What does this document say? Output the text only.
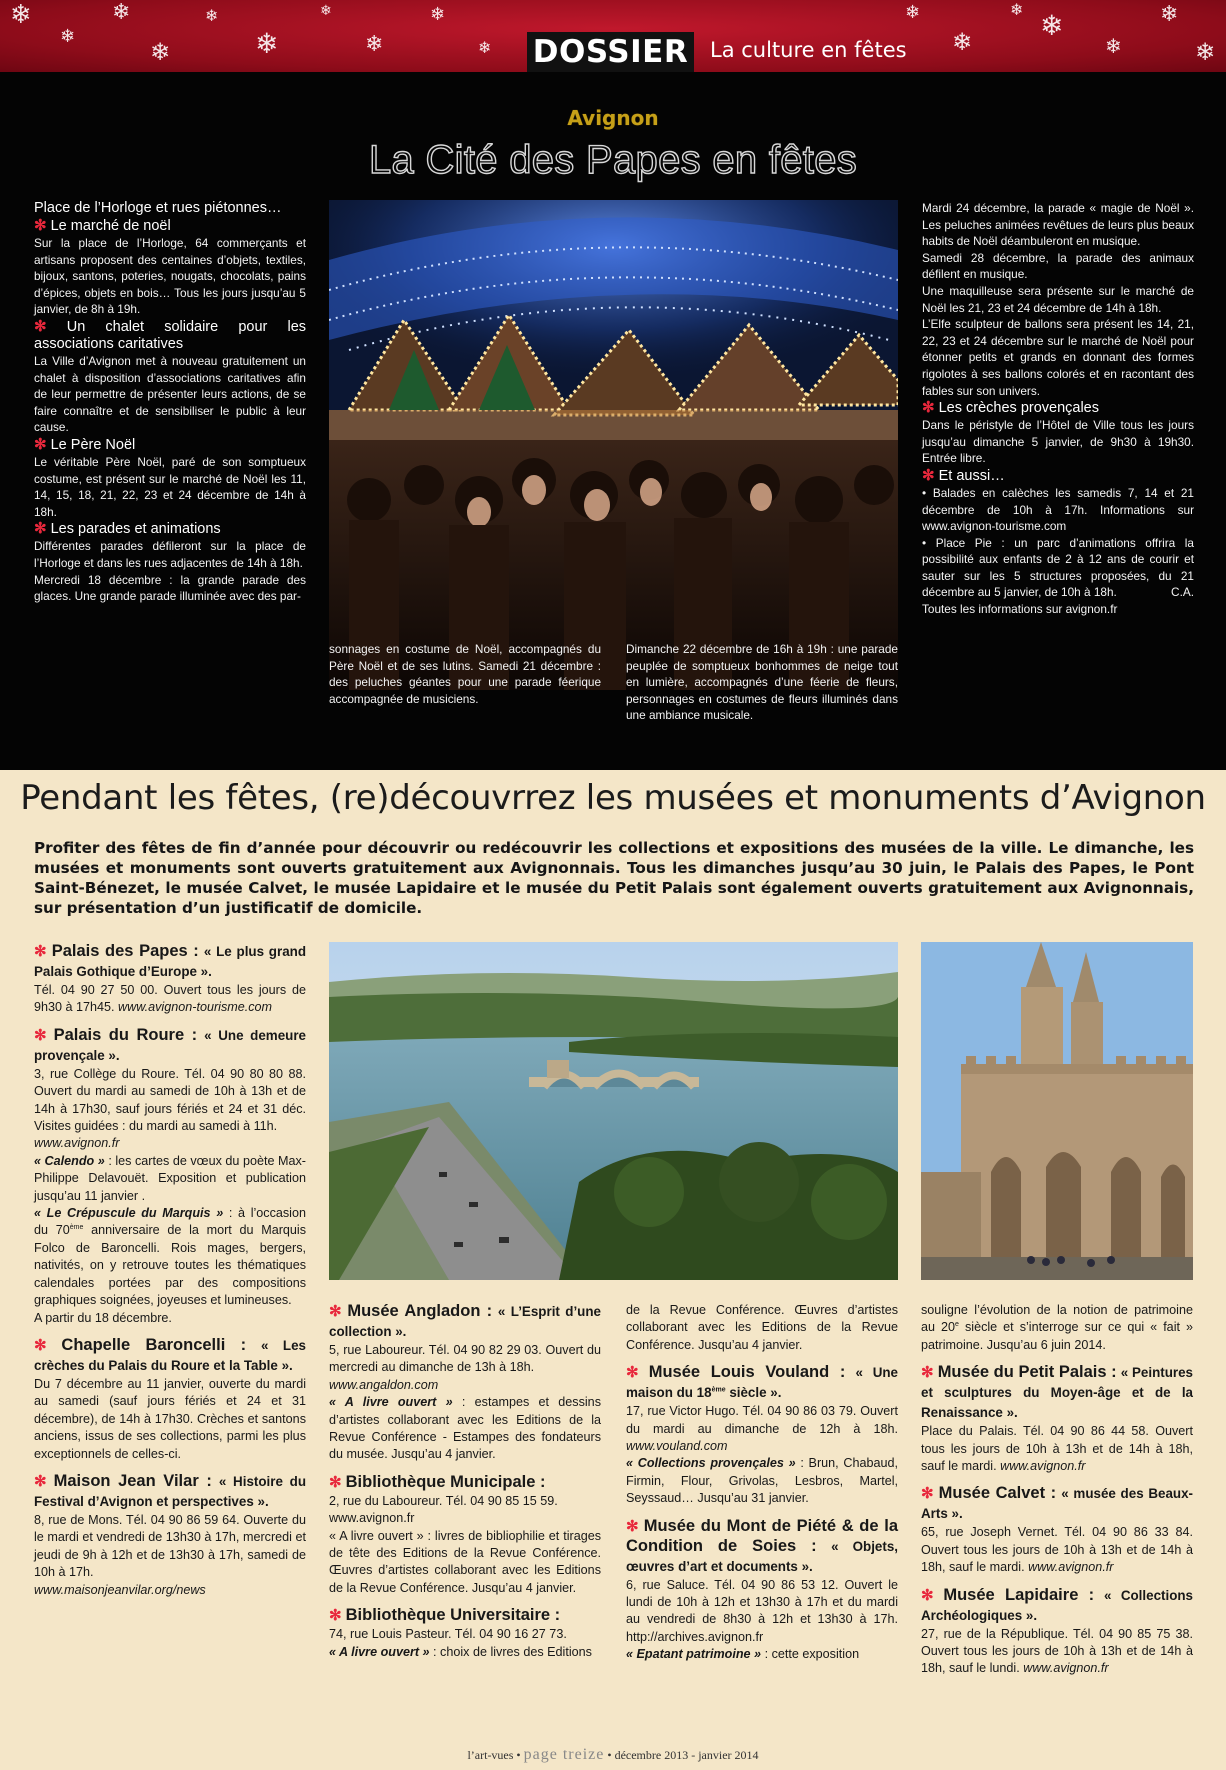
❄
❄
❄
❄
❄
❄
❄
❄
❄
❄
❄
❄
❄ ❄
❄
❄
❄
DOSSIER La culture en fêtes
Avignon
La Cité des Papes en fêtes

Place de l’Horloge et rues piétonnes…

✻ Le marché de noël

Sur la place de l’Horloge, 64 commerçants et artisans proposent des centaines d’objets, textiles, bijoux, santons, poteries, nougats, chocolats, pains d’épices, objets en bois… Tous les jours jusqu’au 5 janvier, de 8h à 19h.

✻ Un chalet solidaire pour les associations caritatives

La Ville d’Avignon met à nouveau gratuitement un chalet à disposition d’associations caritatives afin de leur permettre de présenter leurs actions, de se faire connaître et de sensibiliser le public à leur cause.

✻ Le Père Noël

Le véritable Père Noël, paré de son somptueux costume, est présent sur le marché de Noël les 11, 14, 15, 18, 21, 22, 23 et 24 décembre de 14h à 18h.

✻ Les parades et animations

Différentes parades défileront sur la place de l’Horloge et dans les rues adjacentes de 14h à 18h.

Mercredi 18 décembre : la grande parade des glaces. Une grande parade illuminée avec des par-

sonnages en costume de Noël, accompagnés du Père Noël et de ses lutins. Samedi 21 décembre : des peluches géantes pour une parade féerique accompagnée de musiciens.

Dimanche 22 décembre de 16h à 19h : une parade peuplée de somptueux bonhommes de neige tout en lumière, accompagnés d’une féerie de fleurs, personnages en costumes de fleurs illuminés dans une ambiance musicale.

Mardi 24 décembre, la parade « magie de Noël ». Les peluches animées revêtues de leurs plus beaux habits de Noël déambuleront en musique.

Samedi 28 décembre, la parade des animaux défilent en musique.

Une maquilleuse sera présente sur le marché de Noël les 21, 23 et 24 décembre de 14h à 18h.

L’Elfe sculpteur de ballons sera présent les 14, 21, 22, 23 et 24 décembre sur le marché de Noël pour étonner petits et grands en donnant des formes rigolotes à ses ballons colorés et en racontant des fables sur son univers.

✻ Les crèches provençales

Dans le péristyle de l’Hôtel de Ville tous les jours jusqu’au dimanche 5 janvier, de 9h30 à 19h30. Entrée libre.

✻ Et aussi…

• Balades en calèches les samedis 7, 14 et 21 décembre de 10h à 17h. Informations sur www.avignon-tourisme.com

• Place Pie : un parc d’animations offrira la possibilité aux enfants de 2 à 12 ans de courir et sauter sur les 5 structures proposées, du 21 décembre au 5 janvier, de 10h à 18h.	C.A.

Toutes les informations sur avignon.fr

Pendant les fêtes, (re)découvrrez les musées et monuments d’Avignon
Profiter des fêtes de fin d’année pour découvrir ou redécouvrir les collections et expositions des musées de la ville. Le dimanche, les musées et monuments sont ouverts gratuitement aux Avignonnais. Tous les dimanches jusqu’au 30 juin, le Palais des Papes, le Pont Saint-Bénezet, le musée Calvet, le musée Lapidaire et le musée du Petit Palais sont également ouverts gratuitement aux Avignonnais, sur présentation d’un justificatif de domicile.

✻ Palais des Papes : « Le plus grand Palais Gothique d’Europe ».

Tél. 04 90 27 50 00. Ouvert tous les jours de 9h30 à 17h45. www.avignon-tourisme.com

✻ Palais du Roure : « Une demeure provençale ».

3, rue Collège du Roure. Tél. 04 90 80 80 88. Ouvert du mardi au samedi de 10h à 13h et de 14h à 17h30, sauf jours fériés et 24 et 31 déc. Visites guidées : du mardi au samedi à 11h.

www.avignon.fr

« Calendo » : les cartes de vœux du poète Max-Philippe Delavouët. Exposition et publication jusqu’au 11 janvier .

« Le Crépuscule du Marquis » : à l’occasion du 70ème anniversaire de la mort du Marquis Folco de Baroncelli. Rois mages, bergers, nativités, on y retrouve toutes les thématiques calendales portées par des compositions graphiques soignées, joyeuses et lumineuses.

A partir du 18 décembre.

✻ Chapelle Baroncelli : « Les crèches du Palais du Roure et la Table ».

Du 7 décembre au 11 janvier, ouverte du mardi au samedi (sauf jours fériés et 24 et 31 décembre), de 14h à 17h30. Crèches et santons anciens, issus de ses collections, parmi les plus exceptionnels de celles-ci.

✻ Maison Jean Vilar : « Histoire du Festival d’Avignon et perspectives ».

8, rue de Mons. Tél. 04 90 86 59 64. Ouverte du le mardi et vendredi de 13h30 à 17h, mercredi et jeudi de 9h à 12h et de 13h30 à 17h, samedi de 10h à 17h.

www.maisonjeanvilar.org/news

✻ Musée Angladon : « L’Esprit d’une collection ».

5, rue Laboureur. Tél. 04 90 82 29 03. Ouvert du mercredi au dimanche de 13h à 18h.

www.angaldon.com

« A livre ouvert » : estampes et dessins d’artistes collaborant avec les Editions de la Revue Conférence - Estampes des fondateurs du musée. Jusqu’au 4 janvier.

✻ Bibliothèque Municipale :

2, rue du Laboureur. Tél. 04 90 85 15 59.

www.avignon.fr

« A livre ouvert » : livres de bibliophilie et tirages de tête des Editions de la Revue Conférence. Œuvres d’artistes collaborant avec les Editions de la Revue Conférence. Jusqu’au 4 janvier.

✻ Bibliothèque Universitaire :

74, rue Louis Pasteur. Tél. 04 90 16 27 73.

« A livre ouvert » : choix de livres des Editions

de la Revue Conférence. Œuvres d’artistes collaborant avec les Editions de la Revue Conférence. Jusqu’au 4 janvier.

✻ Musée Louis Vouland : « Une maison du 18ème siècle ».

17, rue Victor Hugo. Tél. 04 90 86 03 79. Ouvert du mardi au dimanche de 12h à 18h. www.vouland.com

« Collections provençales » : Brun, Chabaud, Firmin, Flour, Grivolas, Lesbros, Martel, Seyssaud… Jusqu’au 31 janvier.

✻ Musée du Mont de Piété & de la Condition de Soies : « Objets, œuvres d’art et documents ».

6, rue Saluce. Tél. 04 90 86 53 12. Ouvert le lundi de 10h à 12h et 13h30 à 17h et du mardi au vendredi de 8h30 à 12h et 13h30 à 17h. http://archives.avignon.fr

« Epatant patrimoine » : cette exposition

souligne l’évolution de la notion de patrimoine au 20e siècle et s’interroge sur ce qui « fait » patrimoine. Jusqu’au 6 juin 2014.

✻ Musée du Petit Palais : « Peintures et sculptures du Moyen-âge et de la Renaissance ».

Place du Palais. Tél. 04 90 86 44 58. Ouvert tous les jours de 10h à 13h et de 14h à 18h, sauf le mardi. www.avignon.fr

✻ Musée Calvet : « musée des Beaux-Arts ».

65, rue Joseph Vernet. Tél. 04 90 86 33 84. Ouvert tous les jours de 10h à 13h et de 14h à 18h, sauf le mardi. www.avignon.fr

✻ Musée Lapidaire : « Collections Archéologiques ».

27, rue de la République. Tél. 04 90 85 75 38. Ouvert tous les jours de 10h à 13h et de 14h à 18h, sauf le lundi. www.avignon.fr

l’art-vues • page treize • décembre 2013 - janvier 2014
